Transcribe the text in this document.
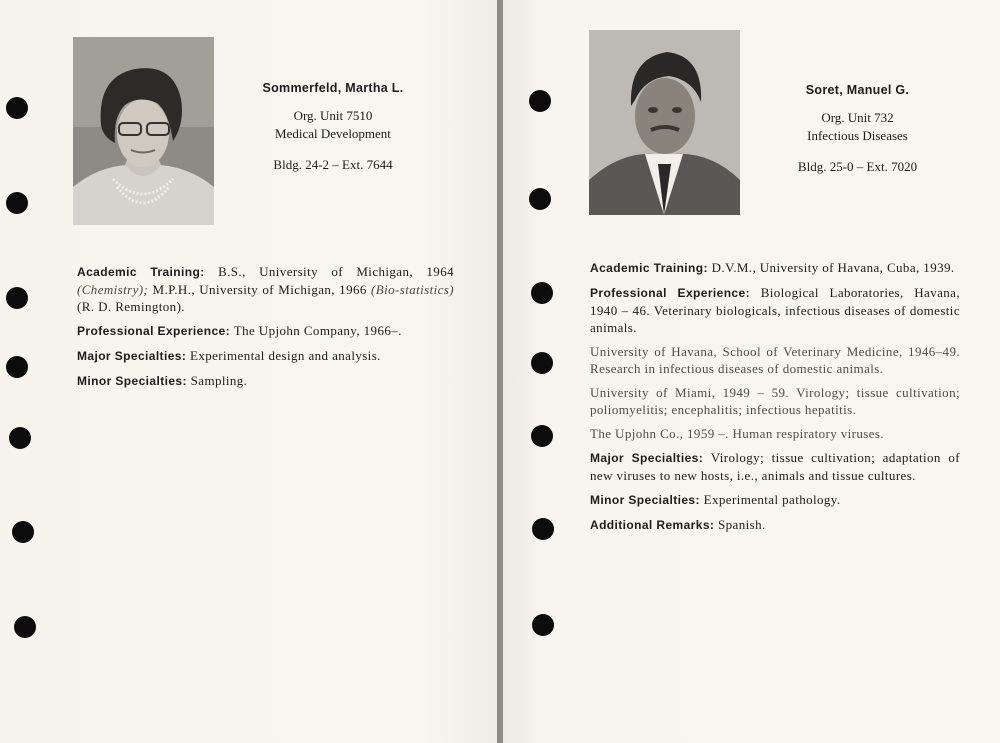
Sommerfeld, Martha L.
Org. Unit 7510
Medical Development
Bldg. 24-2 – Ext. 7644

Academic Training:B.S., University of Michigan, 1964 (Chemistry); M.P.H., University of Michigan, 1966 (Bio-statistics) (R. D. Remington).

Professional Experience: The Upjohn Company, 1966–.

Major Specialties: Experimental design and analysis.

Minor Specialties: Sampling.

Soret, Manuel G.
Org. Unit 732
Infectious Diseases
Bldg. 25-0 – Ext. 7020

Academic Training: D.V.M., University of Havana, Cuba, 1939.

Professional Experience: Biological Laboratories, Havana, 1940 – 46. Veterinary biologicals, infectious diseases of domestic animals.

University of Havana, School of Veterinary Medicine, 1946–49. Research in infectious diseases of domestic animals.

University of Miami, 1949 – 59. Virology; tissue cultivation; poliomyelitis; encephalitis; infectious hepatitis.

The Upjohn Co., 1959 –. Human respiratory viruses.

Major Specialties: Virology; tissue cultivation; adaptation of new viruses to new hosts, i.e., animals and tissue cultures.

Minor Specialties: Experimental pathology.

Additional Remarks: Spanish.
